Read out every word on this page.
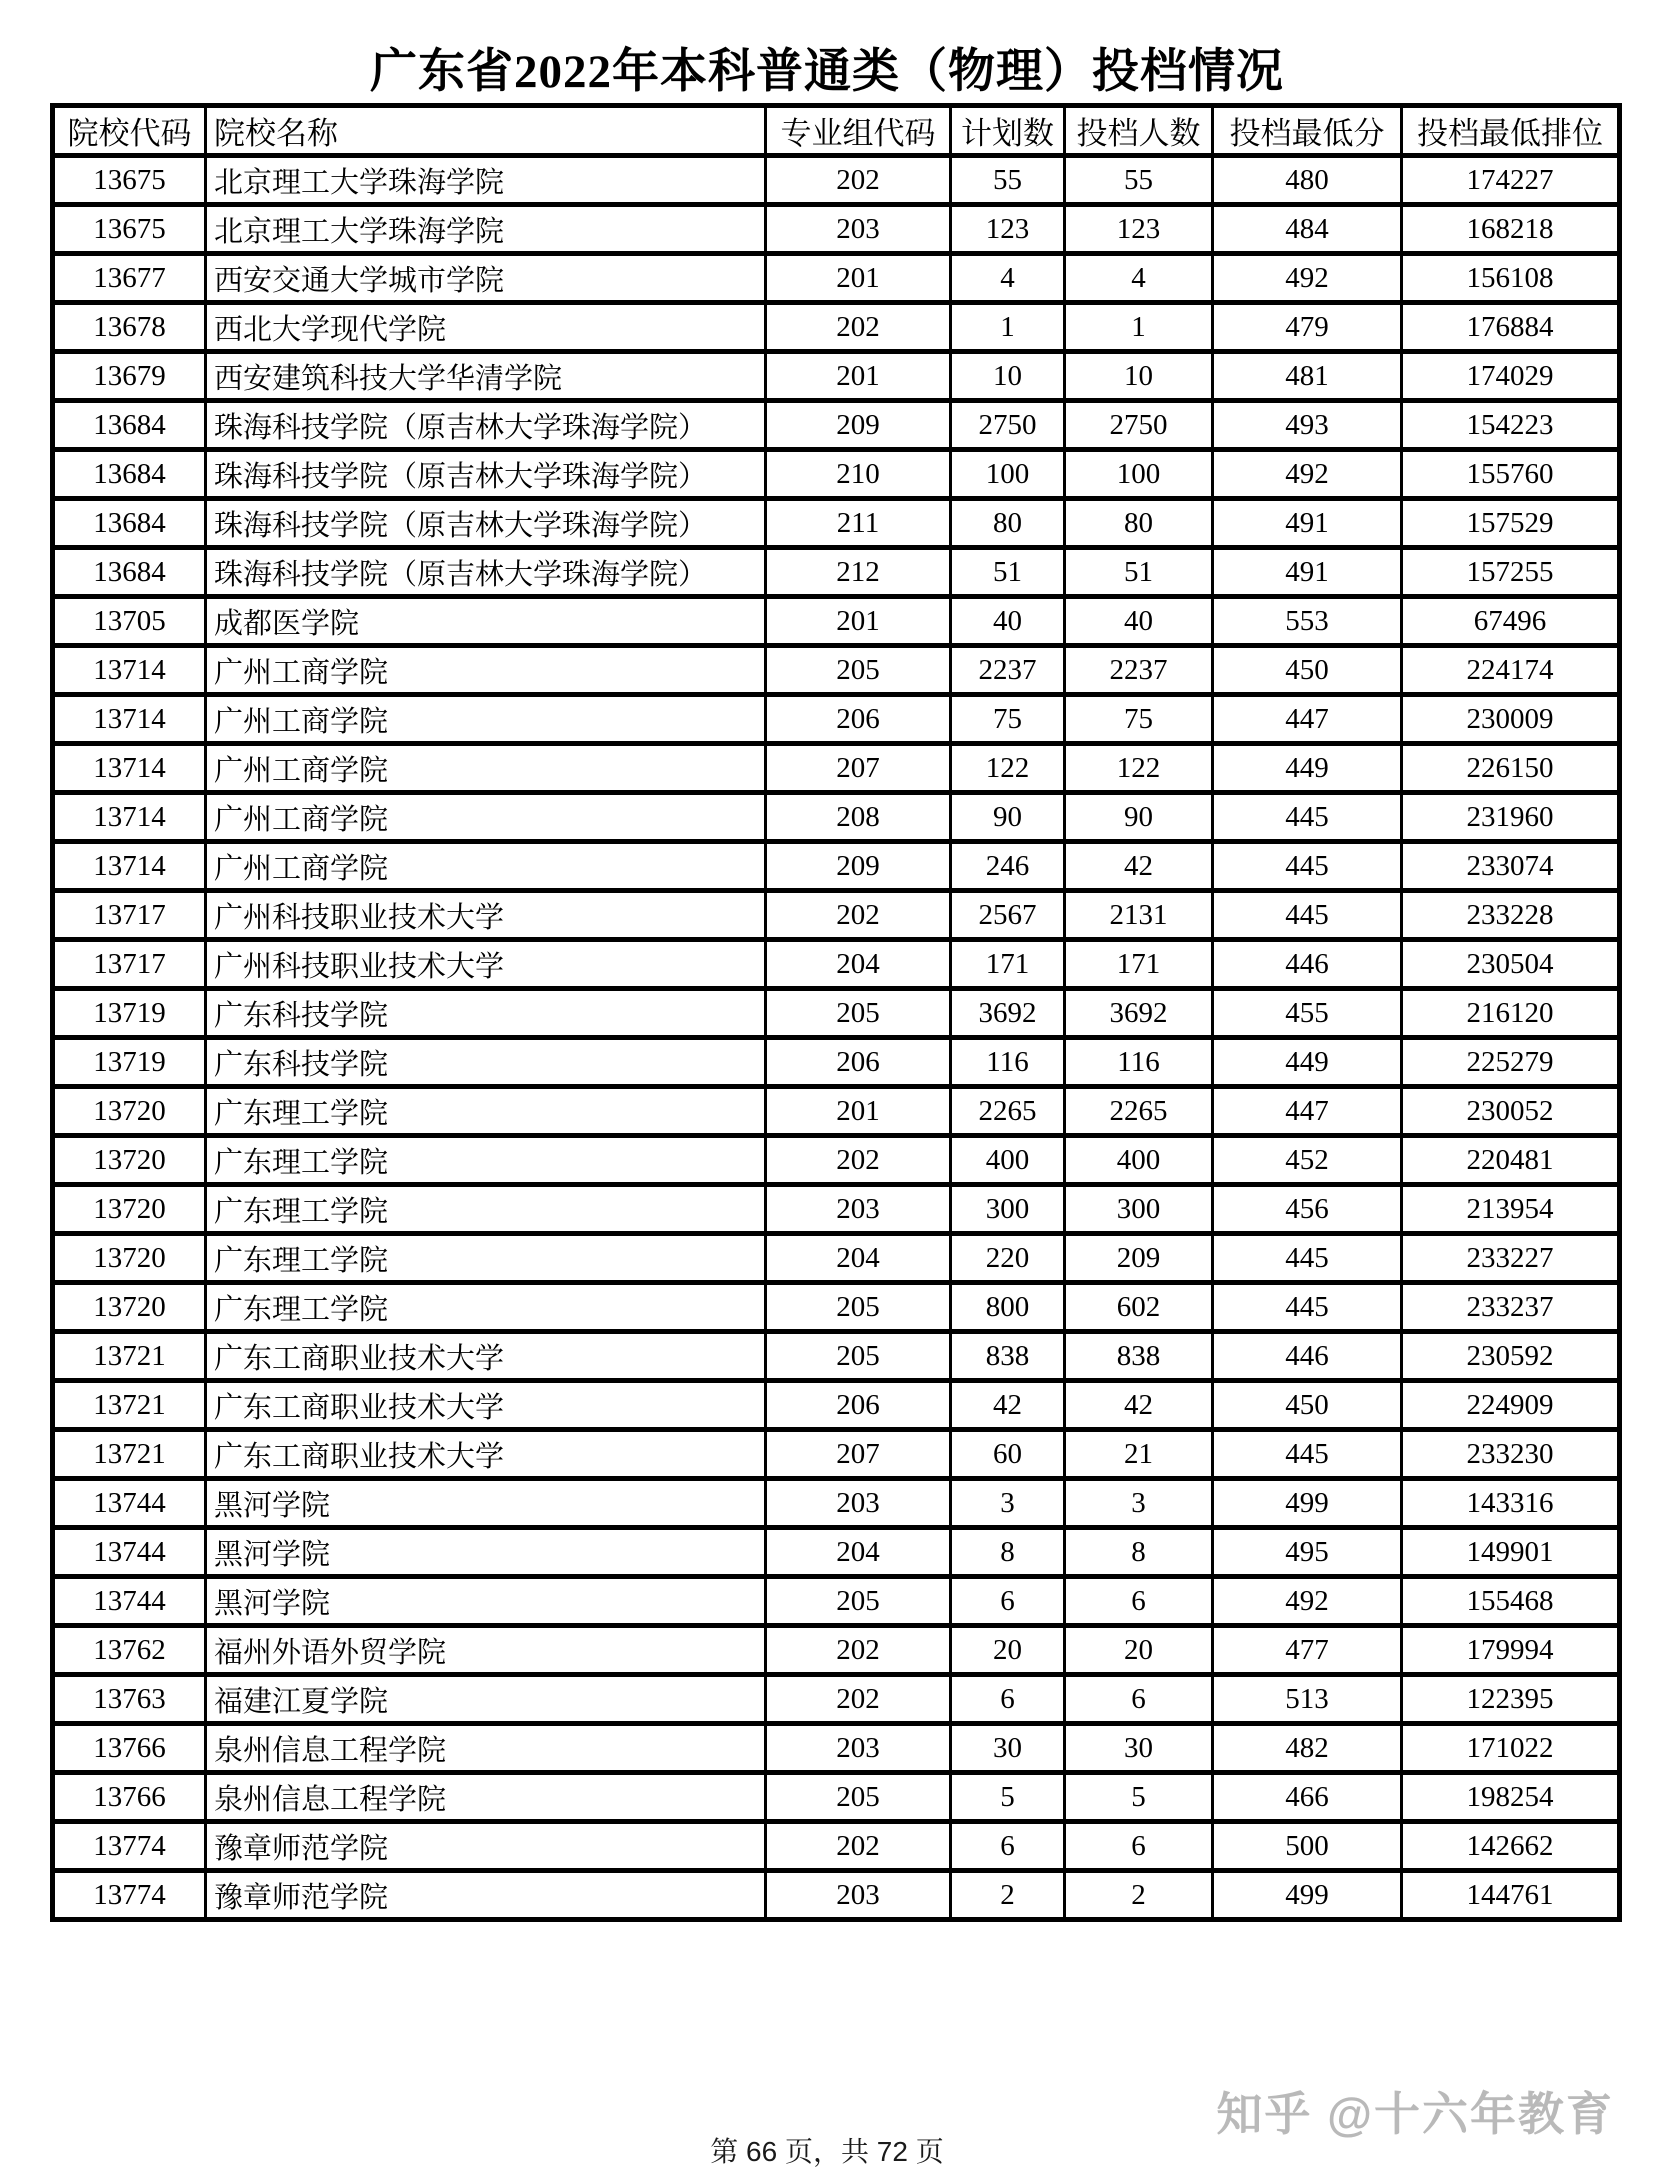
广东省2022年本科普通类（物理）投档情况
院校代码	院校名称	专业组代码	计划数	投档人数	投档最低分	投档最低排位
13675	北京理工大学珠海学院	202	55	55	480	174227
13675	北京理工大学珠海学院	203	123	123	484	168218
13677	西安交通大学城市学院	201	4	4	492	156108
13678	西北大学现代学院	202	1	1	479	176884
13679	西安建筑科技大学华清学院	201	10	10	481	174029
13684	珠海科技学院（原吉林大学珠海学院）	209	2750	2750	493	154223
13684	珠海科技学院（原吉林大学珠海学院）	210	100	100	492	155760
13684	珠海科技学院（原吉林大学珠海学院）	211	80	80	491	157529
13684	珠海科技学院（原吉林大学珠海学院）	212	51	51	491	157255
13705	成都医学院	201	40	40	553	67496
13714	广州工商学院	205	2237	2237	450	224174
13714	广州工商学院	206	75	75	447	230009
13714	广州工商学院	207	122	122	449	226150
13714	广州工商学院	208	90	90	445	231960
13714	广州工商学院	209	246	42	445	233074
13717	广州科技职业技术大学	202	2567	2131	445	233228
13717	广州科技职业技术大学	204	171	171	446	230504
13719	广东科技学院	205	3692	3692	455	216120
13719	广东科技学院	206	116	116	449	225279
13720	广东理工学院	201	2265	2265	447	230052
13720	广东理工学院	202	400	400	452	220481
13720	广东理工学院	203	300	300	456	213954
13720	广东理工学院	204	220	209	445	233227
13720	广东理工学院	205	800	602	445	233237
13721	广东工商职业技术大学	205	838	838	446	230592
13721	广东工商职业技术大学	206	42	42	450	224909
13721	广东工商职业技术大学	207	60	21	445	233230
13744	黑河学院	203	3	3	499	143316
13744	黑河学院	204	8	8	495	149901
13744	黑河学院	205	6	6	492	155468
13762	福州外语外贸学院	202	20	20	477	179994
13763	福建江夏学院	202	6	6	513	122395
13766	泉州信息工程学院	203	30	30	482	171022
13766	泉州信息工程学院	205	5	5	466	198254
13774	豫章师范学院	202	6	6	500	142662
13774	豫章师范学院	203	2	2	499	144761
知乎 @十六年教育
第 66 页，共 72 页
